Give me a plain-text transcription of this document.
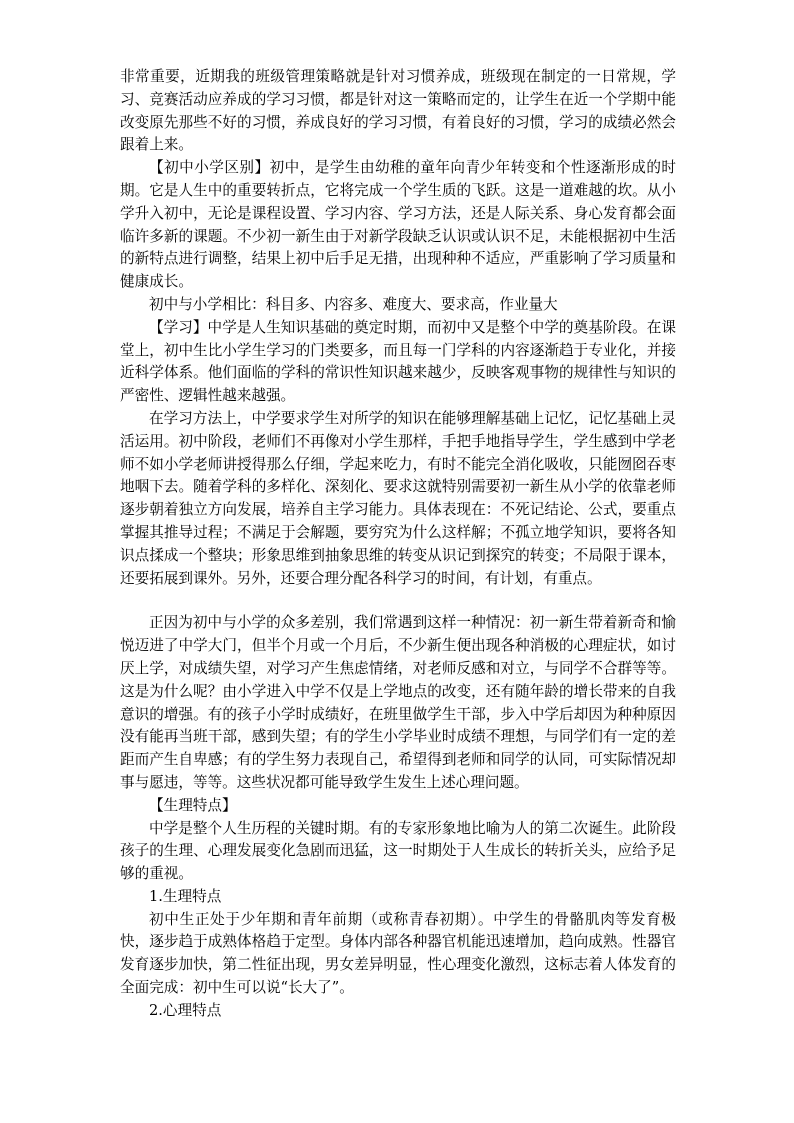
非常重要，近期我的班级管理策略就是针对习惯养成，班级现在制定的一日常规，学习、竞赛活动应养成的学习习惯，都是针对这一策略而定的，让学生在近一个学期中能改变原先那些不好的习惯，养成良好的学习习惯，有着良好的习惯，学习的成绩必然会跟着上来。

【初中小学区别】初中，是学生由幼稚的童年向青少年转变和个性逐渐形成的时期。它是人生中的重要转折点，它将完成一个学生质的飞跃。这是一道难越的坎。从小学升入初中，无论是课程设置、学习内容、学习方法，还是人际关系、身心发育都会面临许多新的课题。不少初一新生由于对新学段缺乏认识或认识不足，未能根据初中生活的新特点进行调整，结果上初中后手足无措，出现种种不适应，严重影响了学习质量和健康成长。

初中与小学相比：科目多、内容多、难度大、要求高，作业量大

【学习】中学是人生知识基础的奠定时期，而初中又是整个中学的奠基阶段。在课堂上，初中生比小学生学习的门类要多，而且每一门学科的内容逐渐趋于专业化，并接近科学体系。他们面临的学科的常识性知识越来越少，反映客观事物的规律性与知识的严密性、逻辑性越来越强。

在学习方法上，中学要求学生对所学的知识在能够理解基础上记忆，记忆基础上灵活运用。初中阶段，老师们不再像对小学生那样，手把手地指导学生，学生感到中学老师不如小学老师讲授得那么仔细，学起来吃力，有时不能完全消化吸收，只能囫囵吞枣地咽下去。随着学科的多样化、深刻化、要求这就特别需要初一新生从小学的依靠老师逐步朝着独立方向发展，培养自主学习能力。具体表现在：不死记结论、公式，要重点掌握其推导过程；不满足于会解题，要穷究为什么这样解；不孤立地学知识，要将各知识点揉成一个整块；形象思维到抽象思维的转变从识记到探究的转变；不局限于课本，还要拓展到课外。另外，还要合理分配各科学习的时间，有计划，有重点。

正因为初中与小学的众多差别，我们常遇到这样一种情况：初一新生带着新奇和愉悦迈进了中学大门，但半个月或一个月后，不少新生便出现各种消极的心理症状，如讨厌上学，对成绩失望，对学习产生焦虑情绪，对老师反感和对立，与同学不合群等等。这是为什么呢？由小学进入中学不仅是上学地点的改变，还有随年龄的增长带来的自我意识的增强。有的孩子小学时成绩好，在班里做学生干部，步入中学后却因为种种原因没有能再当班干部，感到失望；有的学生小学毕业时成绩不理想，与同学们有一定的差距而产生自卑感；有的学生努力表现自己，希望得到老师和同学的认同，可实际情况却事与愿违，等等。这些状况都可能导致学生发生上述心理问题。

【生理特点】

中学是整个人生历程的关键时期。有的专家形象地比喻为人的第二次诞生。此阶段孩子的生理、心理发展变化急剧而迅猛，这一时期处于人生成长的转折关头，应给予足够的重视。

1.生理特点

初中生正处于少年期和青年前期（或称青春初期）。中学生的骨骼肌肉等发育极快，逐步趋于成熟体格趋于定型。身体内部各种器官机能迅速增加，趋向成熟。性器官发育逐步加快，第二性征出现，男女差异明显，性心理变化激烈，这标志着人体发育的全面完成：初中生可以说“长大了”。

2.心理特点
